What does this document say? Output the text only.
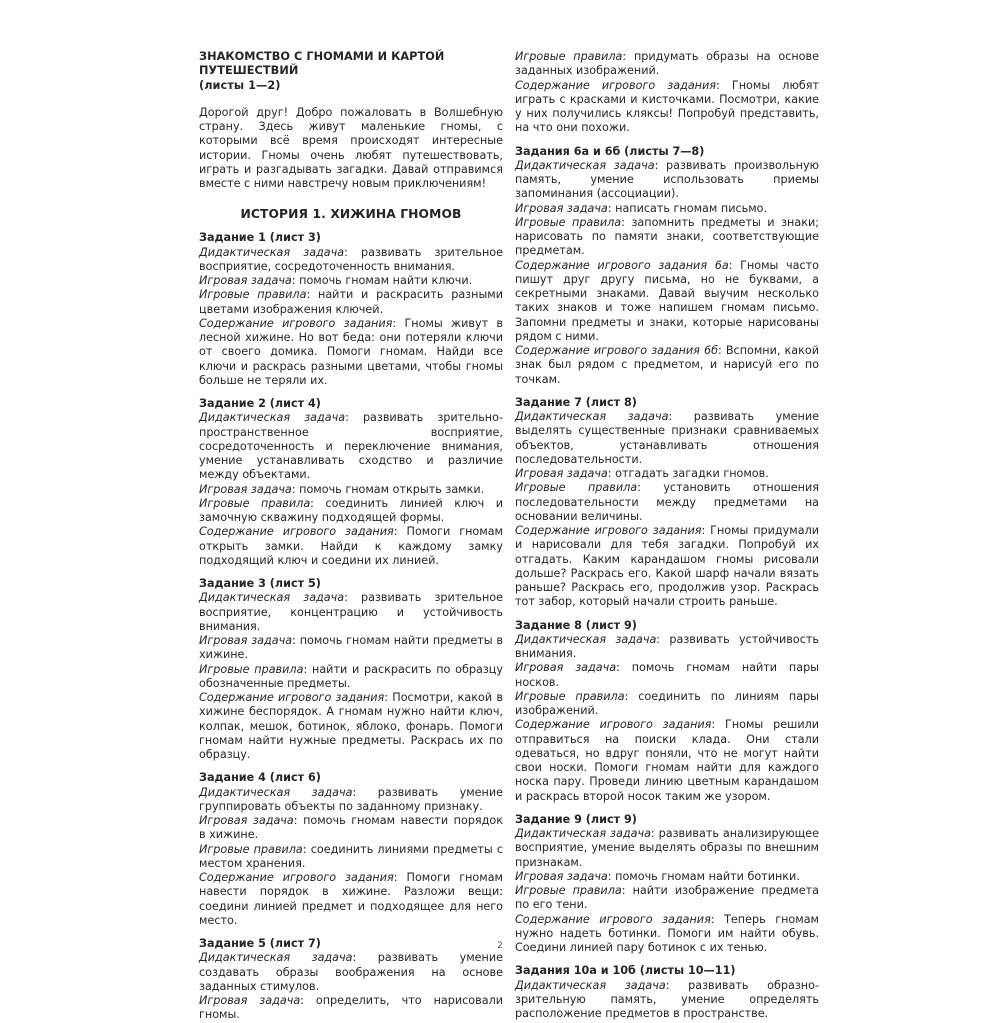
ЗНАКОМСТВО С ГНОМАМИ И КАРТОЙ ПУТЕШЕСТВИЙ
(листы 1—2)

Дорогой друг! Добро пожаловать в Волшебную страну. Здесь живут маленькие гномы, с которыми всё время происходят интересные истории. Гномы очень любят путешествовать, играть и разгадывать загадки. Давай отправимся вместе с ними навстречу новым приключениям!

ИСТОРИЯ 1. ХИЖИНА ГНОМОВ

Задание 1 (лист 3)

Дидактическая задача: развивать зрительное восприятие, сосредоточенность внимания.

Игровая задача: помочь гномам найти ключи.

Игровые правила: найти и раскрасить разными цветами изображения ключей.

Содержание игрового задания: Гномы живут в лесной хижине. Но вот беда: они потеряли ключи от своего домика. Помоги гномам. Найди все ключи и раскрась разными цветами, чтобы гномы больше не теряли их.

Задание 2 (лист 4)

Дидактическая задача: развивать зрительно-пространственное восприятие, сосредоточенность и переключение внимания, умение устанавливать сходство и различие между объектами.

Игровая задача: помочь гномам открыть замки.

Игровые правила: соединить линией ключ и замочную скважину подходящей формы.

Содержание игрового задания: Помоги гномам открыть замки. Найди к каждому замку подходящий ключ и соедини их линией.

Задание 3 (лист 5)

Дидактическая задача: развивать зрительное восприятие, концентрацию и устойчивость внимания.

Игровая задача: помочь гномам найти предметы в хижине.

Игровые правила: найти и раскрасить по образцу обозначенные предметы.

Содержание игрового задания: Посмотри, какой в хижине беспорядок. А гномам нужно найти ключ, колпак, мешок, ботинок, яблоко, фонарь. Помоги гномам найти нужные предметы. Раскрась их по образцу.

Задание 4 (лист 6)

Дидактическая задача: развивать умение группировать объекты по заданному признаку.

Игровая задача: помочь гномам навести порядок в хижине.

Игровые правила: соединить линиями предметы с местом хранения.

Содержание игрового задания: Помоги гномам навести порядок в хижине. Разложи вещи: соедини линией предмет и подходящее для него место.

Задание 5 (лист 7)

Дидактическая задача: развивать умение создавать образы воображения на основе заданных стимулов.

Игровая задача: определить, что нарисовали гномы.

Игровые правила: придумать образы на основе заданных изображений.

Содержание игрового задания: Гномы любят играть с красками и кисточками. Посмотри, какие у них получились кляксы! Попробуй представить, на что они похожи.

Задания 6а и 6б (листы 7—8)

Дидактическая задача: развивать произвольную память, умение использовать приемы запоминания (ассоциации).

Игровая задача: написать гномам письмо.

Игровые правила: запомнить предметы и знаки; нарисовать по памяти знаки, соответствующие предметам.

Содержание игрового задания 6а: Гномы часто пишут друг другу письма, но не буквами, а секретными знаками. Давай выучим несколько таких знаков и тоже напишем гномам письмо. Запомни предметы и знаки, которые нарисованы рядом с ними.

Содержание игрового задания 6б: Вспомни, какой знак был рядом с предметом, и нарисуй его по точкам.

Задание 7 (лист 8)

Дидактическая задача: развивать умение выделять существенные признаки сравниваемых объектов, устанавливать отношения последовательности.

Игровая задача: отгадать загадки гномов.

Игровые правила: установить отношения последовательности между предметами на основании величины.

Содержание игрового задания: Гномы придумали и нарисовали для тебя загадки. Попробуй их отгадать. Каким карандашом гномы рисовали дольше? Раскрась его. Какой шарф начали вязать раньше? Раскрась его, продолжив узор. Раскрась тот забор, который начали строить раньше.

Задание 8 (лист 9)

Дидактическая задача: развивать устойчивость внимания.

Игровая задача: помочь гномам найти пары носков.

Игровые правила: соединить по линиям пары изображений.

Содержание игрового задания: Гномы решили отправиться на поиски клада. Они стали одеваться, но вдруг поняли, что не могут найти свои носки. Помоги гномам найти для каждого носка пару. Проведи линию цветным карандашом и раскрась второй носок таким же узором.

Задание 9 (лист 9)

Дидактическая задача: развивать анализирующее восприятие, умение выделять образы по внешним признакам.

Игровая задача: помочь гномам найти ботинки.

Игровые правила: найти изображение предмета по его тени.

Содержание игрового задания: Теперь гномам нужно надеть ботинки. Помоги им найти обувь. Соедини линией пару ботинок с их тенью.

Задания 10а и 10б (листы 10—11)

Дидактическая задача: развивать образно-зрительную память, умение определять расположение предметов в пространстве.

2
